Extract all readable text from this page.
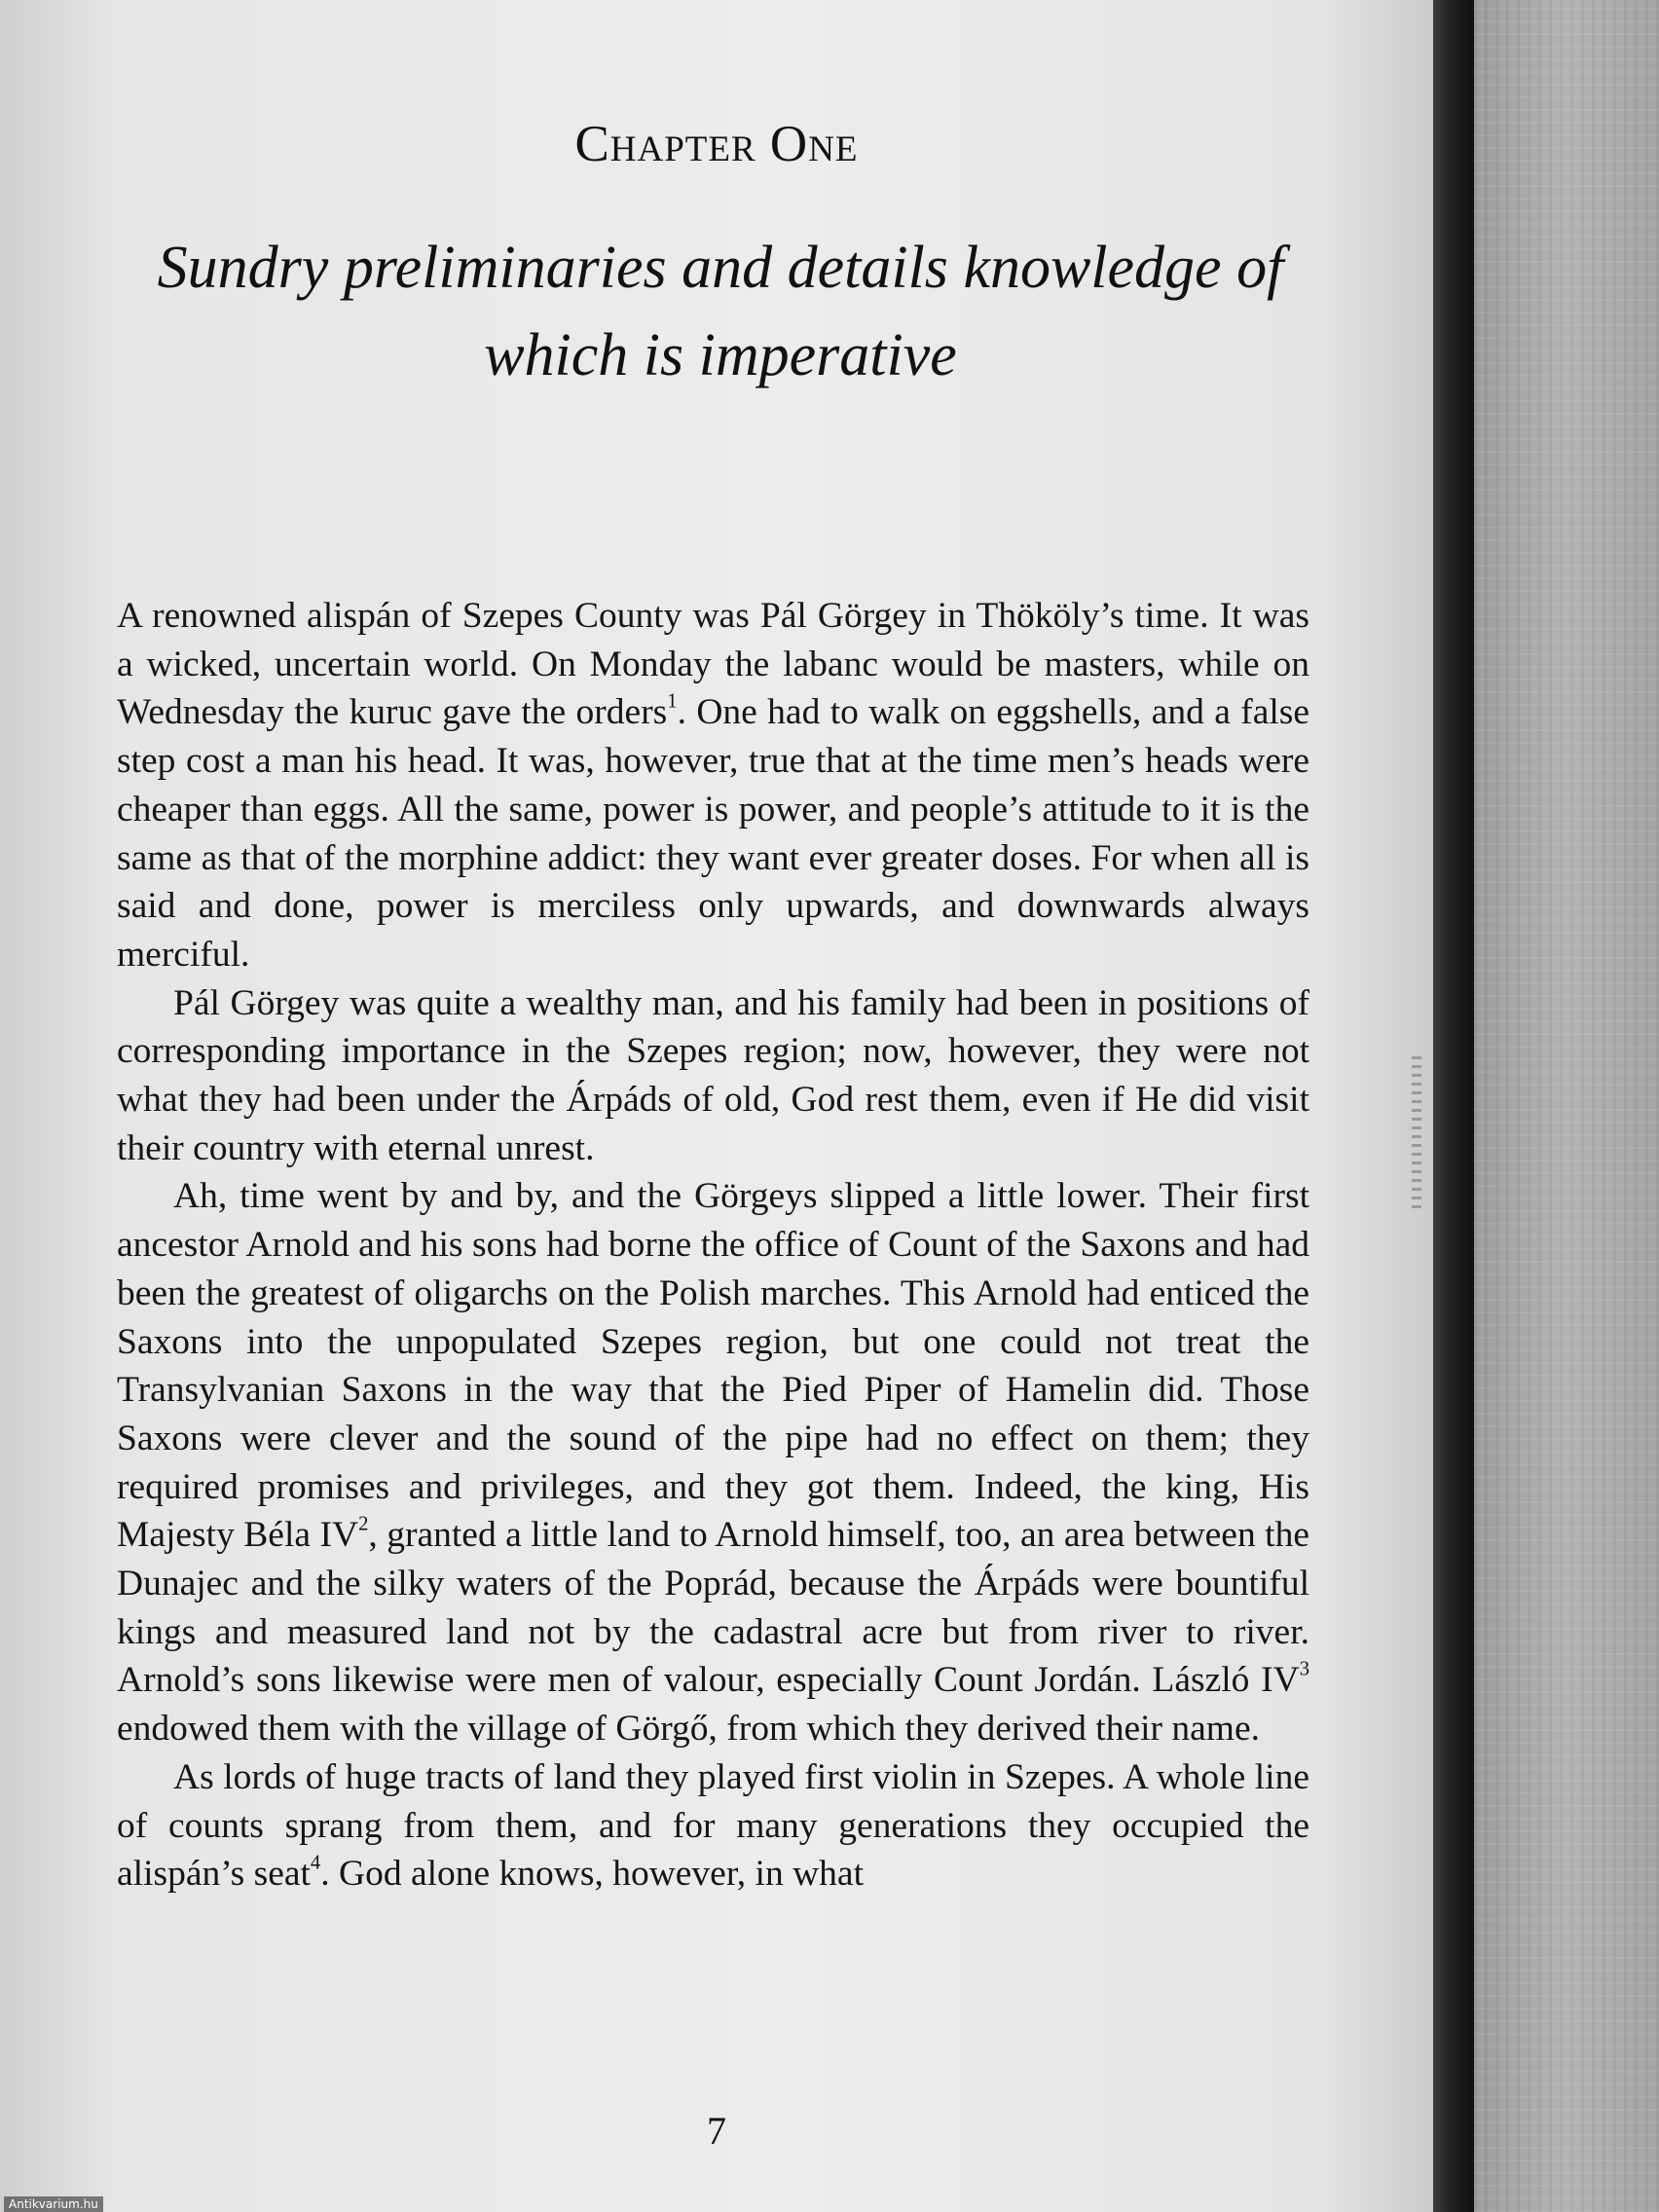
Chapter One
Sundry preliminaries and details knowledge of which is imperative

A renowned alispán of Szepes County was Pál Görgey in Thököly’s time. It was a wicked, uncertain world. On Monday the labanc would be masters, while on Wednesday the kuruc gave the orders$^1$. One had to walk on eggshells, and a false step cost a man his head. It was, however, true that at the time men’s heads were cheaper than eggs. All the same, power is power, and people’s attitude to it is the same as that of the morphine addict: they want ever greater doses. For when all is said and done, power is merciless only upwards, and downwards always merciful.

Pál Görgey was quite a wealthy man, and his family had been in positions of corresponding importance in the Szepes region; now, however, they were not what they had been under the Árpáds of old, God rest them, even if He did visit their country with eternal unrest.

Ah, time went by and by, and the Görgeys slipped a little lower. Their first ancestor Arnold and his sons had borne the office of Count of the Saxons and had been the greatest of oligarchs on the Polish marches. This Arnold had enticed the Saxons into the unpopulated Szepes region, but one could not treat the Transylvanian Saxons in the way that the Pied Piper of Hamelin did. Those Saxons were clever and the sound of the pipe had no effect on them; they required promises and privileges, and they got them. Indeed, the king, His Majesty Béla $IV^2$, granted a little land to Arnold himself, too, an area between the Dunajec and the silky waters of the Poprád, because the Árpáds were bountiful kings and measured land not by the cadastral acre but from river to river. Arnold’s sons likewise were men of valour, especially Count Jordán. László $IV^3$ endowed them with the village of Görgő, from which they derived their name.

As lords of huge tracts of land they played first violin in Szepes. A whole line of counts sprang from them, and for many generations they occupied the alispán’s seat$^4$. God alone knows, however, in what

7
Antikvarium.hu
